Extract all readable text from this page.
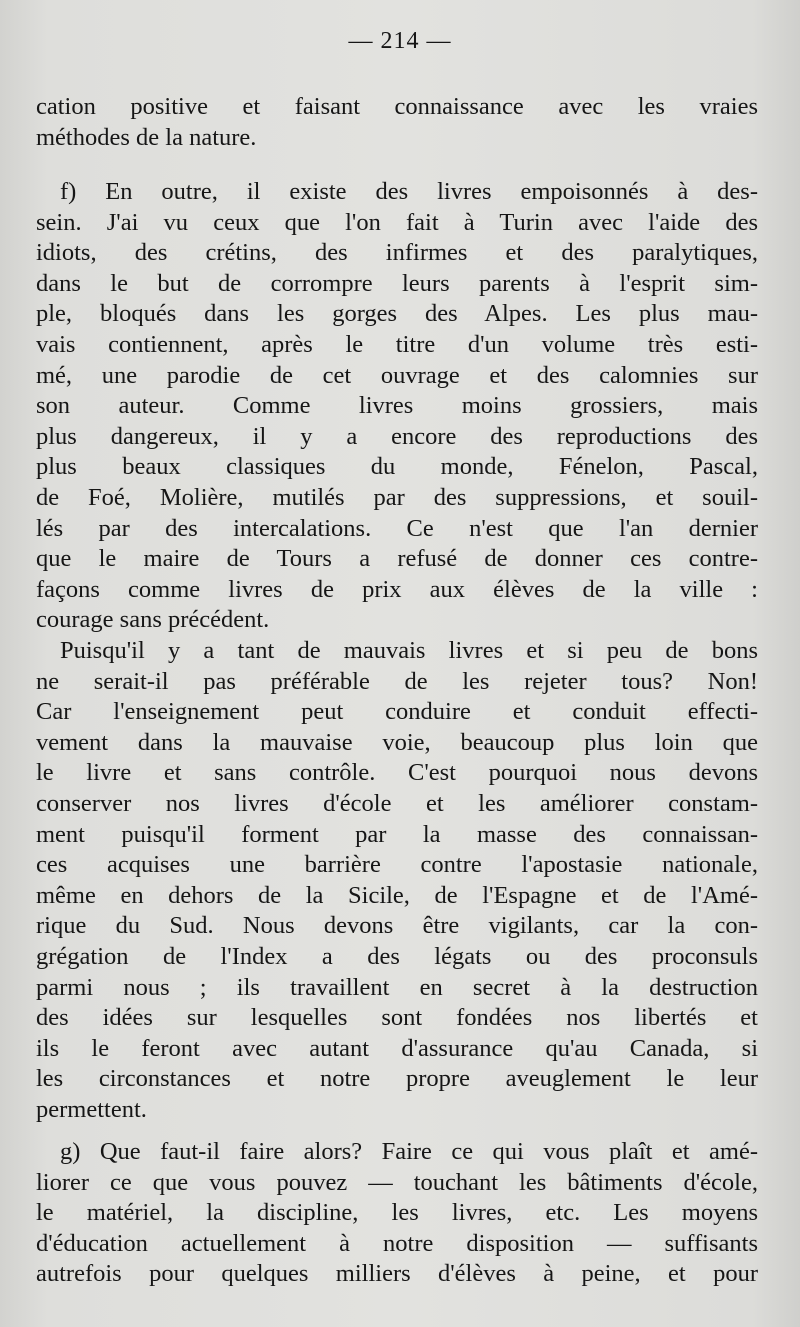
— 214 —
cation positive et faisant connaissance avec les vraies
méthodes de la nature.
f) En outre, il existe des livres empoisonnés à des-
sein. J'ai vu ceux que l'on fait à Turin avec l'aide des
idiots, des crétins, des infirmes et des paralytiques,
dans le but de corrompre leurs parents à l'esprit sim-
ple, bloqués dans les gorges des Alpes. Les plus mau-
vais contiennent, après le titre d'un volume très esti-
mé, une parodie de cet ouvrage et des calomnies sur
son auteur. Comme livres moins grossiers, mais
plus dangereux, il y a encore des reproductions des
plus beaux classiques du monde, Fénelon, Pascal,
de Foé, Molière, mutilés par des suppressions, et souil-
lés par des intercalations. Ce n'est que l'an dernier
que le maire de Tours a refusé de donner ces contre-
façons comme livres de prix aux élèves de la ville :
courage sans précédent.
Puisqu'il y a tant de mauvais livres et si peu de bons
ne serait-il pas préférable de les rejeter tous? Non!
Car l'enseignement peut conduire et conduit effecti-
vement dans la mauvaise voie, beaucoup plus loin que
le livre et sans contrôle. C'est pourquoi nous devons
conserver nos livres d'école et les améliorer constam-
ment puisqu'il forment par la masse des connaissan-
ces acquises une barrière contre l'apostasie nationale,
même en dehors de la Sicile, de l'Espagne et de l'Amé-
rique du Sud. Nous devons être vigilants, car la con-
grégation de l'Index a des légats ou des proconsuls
parmi nous ; ils travaillent en secret à la destruction
des idées sur lesquelles sont fondées nos libertés et
ils le feront avec autant d'assurance qu'au Canada, si
les circonstances et notre propre aveuglement le leur
permettent.
g) Que faut-il faire alors? Faire ce qui vous plaît et amé-
liorer ce que vous pouvez — touchant les bâtiments d'école,
le matériel, la discipline, les livres, etc. Les moyens
d'éducation actuellement à notre disposition — suffisants
autrefois pour quelques milliers d'élèves à peine, et pour
